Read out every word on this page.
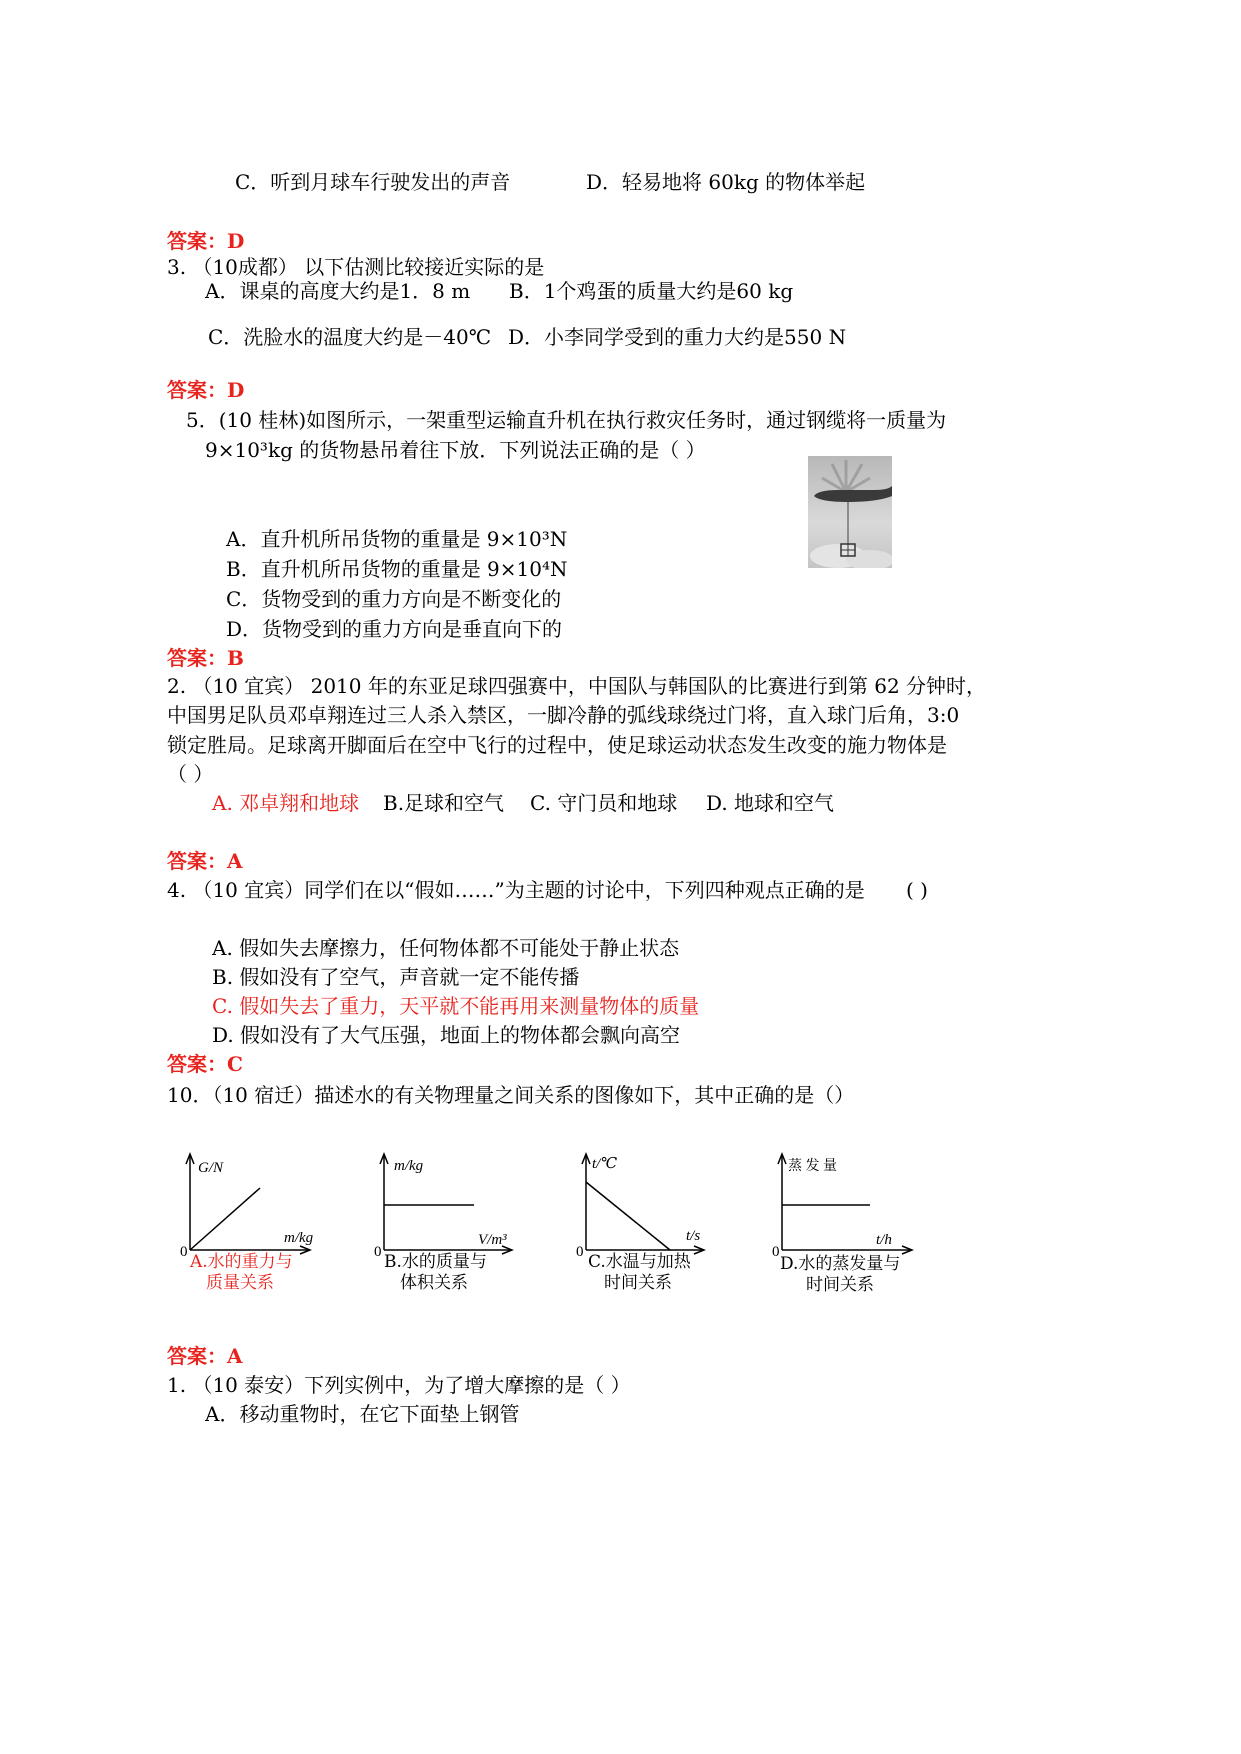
C．听到月球车行驶发出的声音	D．轻易地将 60kg 的物体举起
答案：D
3. （10成都） 以下估测比较接近实际的是
A．课桌的高度大约是1．8 m B．1个鸡蛋的质量大约是60 kg
C．洗脸水的温度大约是－40℃ D．小李同学受到的重力大约是550 N
答案：D
5．(10 桂林)如图所示，一架重型运输直升机在执行救灾任务时，通过钢缆将一质量为
9×10³kg 的货物悬吊着往下放．下列说法正确的是（ ）
A．直升机所吊货物的重量是 9×10³N
B．直升机所吊货物的重量是 9×10⁴N
C．货物受到的重力方向是不断变化的
D．货物受到的重力方向是垂直向下的
答案：B
2. （10 宜宾） 2010 年的东亚足球四强赛中，中国队与韩国队的比赛进行到第 62 分钟时，
中国男足队员邓卓翔连过三人杀入禁区，一脚冷静的弧线球绕过门将，直入球门后角，3:0
锁定胜局。足球离开脚面后在空中飞行的过程中，使足球运动状态发生改变的施力物体是
（ ）
A. 邓卓翔和地球 B.足球和空气 C. 守门员和地球 D. 地球和空气
答案：A
4. （10 宜宾）同学们在以“假如……”为主题的讨论中，下列四种观点正确的是 ( )
A. 假如失去摩擦力，任何物体都不可能处于静止状态
B. 假如没有了空气，声音就一定不能传播
C. 假如失去了重力，天平就不能再用来测量物体的质量
D. 假如没有了大气压强，地面上的物体都会飘向高空
答案：C
10．（10 宿迁）描述水的有关物理量之间关系的图像如下，其中正确的是（）
G/N
m/kg
0 A.水的重力与
质量关系
m/kg
V/m³
0 B.水的质量与
体积关系
t/℃
t/s
0 C.水温与加热
时间关系
蒸 发 量
t/h
0
D.水的蒸发量与
时间关系
答案：A
1. （10 泰安）下列实例中，为了增大摩擦的是（ ）
A．移动重物时，在它下面垫上钢管
